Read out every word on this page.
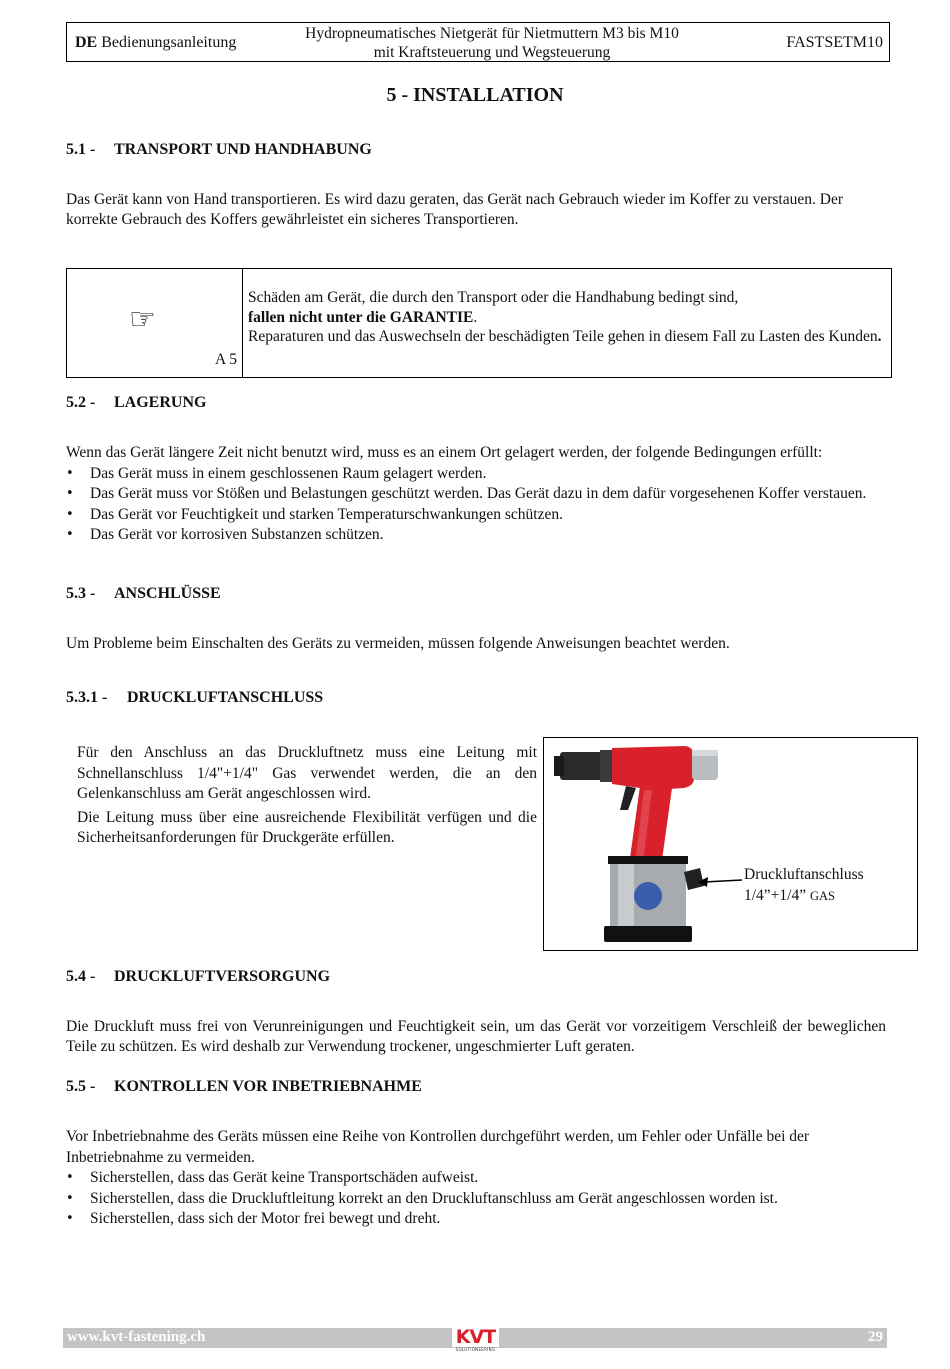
DE Bedienungsanleitung
Hydropneumatisches Nietgerät für Nietmuttern M3 bis M10
mit Kraftsteuerung und Wegsteuerung
FASTSETM10
5 - INSTALLATION
5.1 - TRANSPORT UND HANDHABUNG
Das Gerät kann von Hand transportieren. Es wird dazu geraten, das Gerät nach Gebrauch wieder im Koffer zu verstauen. Der korrekte Gebrauch des Koffers gewährleistet ein sicheres Transportieren.
☞
A 5
Schäden am Gerät, die durch den Transport oder die Handhabung bedingt sind,
fallen nicht unter die GARANTIE.
Reparaturen und das Auswechseln der beschädigten Teile gehen in diesem Fall zu Lasten des Kunden.
5.2 - LAGERUNG
Wenn das Gerät längere Zeit nicht benutzt wird, muss es an einem Ort gelagert werden, der folgende Bedingungen erfüllt:
• Das Gerät muss in einem geschlossenen Raum gelagert werden.
• Das Gerät muss vor Stößen und Belastungen geschützt werden. Das Gerät dazu in dem dafür vorgesehenen Koffer verstauen.
• Das Gerät vor Feuchtigkeit und starken Temperaturschwankungen schützen.
• Das Gerät vor korrosiven Substanzen schützen.
5.3 - ANSCHLÜSSE
Um Probleme beim Einschalten des Geräts zu vermeiden, müssen folgende Anweisungen beachtet werden.
5.3.1 - DRUCKLUFTANSCHLUSS

Für den Anschluss an das Druckluftnetz muss eine Leitung mit Schnellanschluss 1/4"+1/4" Gas verwendet werden, die an den Gelenkanschluss am Gerät angeschlossen wird.

Die Leitung muss über eine ausreichende Flexibilität verfügen und die Sicherheitsanforderungen für Druckgeräte erfüllen.

Druckluftanschluss
1/4”+1/4” GAS
5.4 - DRUCKLUFTVERSORGUNG
Die Druckluft muss frei von Verunreinigungen und Feuchtigkeit sein, um das Gerät vor vorzeitigem Verschleiß der beweglichen Teile zu schützen. Es wird deshalb zur Verwendung trockener, ungeschmierter Luft geraten.
5.5 - KONTROLLEN VOR INBETRIEBNAHME
Vor Inbetriebnahme des Geräts müssen eine Reihe von Kontrollen durchgeführt werden, um Fehler oder Unfälle bei der Inbetriebnahme zu vermeiden.
• Sicherstellen, dass das Gerät keine Transportschäden aufweist.
• Sicherstellen, dass die Druckluftleitung korrekt an den Druckluftanschluss am Gerät angeschlossen worden ist.
• Sicherstellen, dass sich der Motor frei bewegt und dreht.
www.kvt-fastening.ch	29
KVT
SOLUTIONEERING
